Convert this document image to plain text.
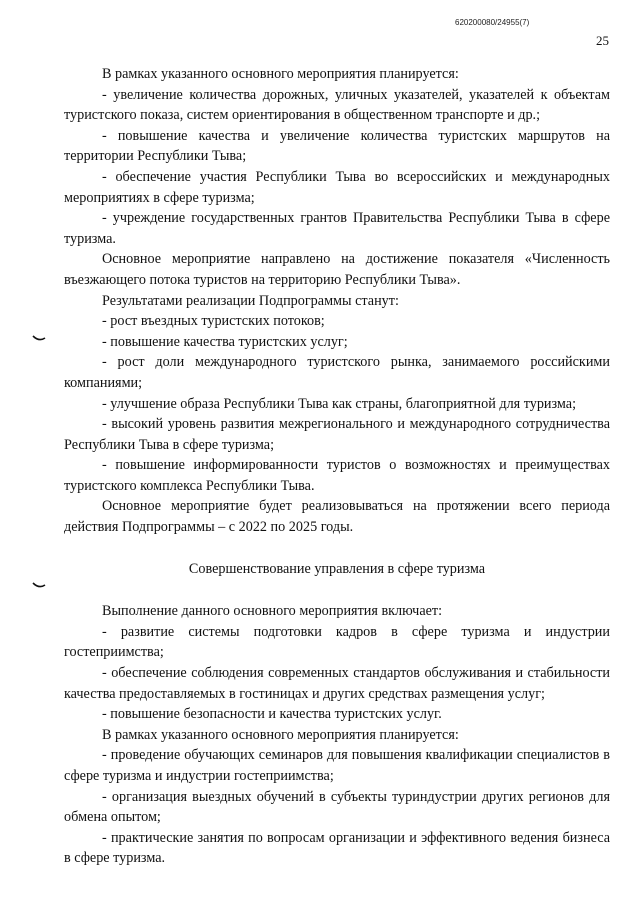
620200080/24955(7)
25

В рамках указанного основного мероприятия планируется:

- увеличение количества дорожных, уличных указателей, указателей к объектам туристского показа, систем ориентирования в общественном транспорте и др.;

- повышение качества и увеличение количества туристских маршрутов на территории Республики Тыва;

- обеспечение участия Республики Тыва во всероссийских и международных мероприятиях в сфере туризма;

- учреждение государственных грантов Правительства Республики Тыва в сфере туризма.

Основное мероприятие направлено на достижение показателя «Численность въезжающего потока туристов на территорию Республики Тыва».

Результатами реализации Подпрограммы станут:

- рост въездных туристских потоков;

- повышение качества туристских услуг;

- рост доли международного туристского рынка, занимаемого российскими компаниями;

- улучшение образа Республики Тыва как страны, благоприятной для туризма;

- высокий уровень развития межрегионального и международного сотрудничества Республики Тыва в сфере туризма;

- повышение информированности туристов о возможностях и преимуществах туристского комплекса Республики Тыва.

Основное мероприятие будет реализовываться на протяжении всего периода действия Подпрограммы – с 2022 по 2025 годы.

Совершенствование управления в сфере туризма

Выполнение данного основного мероприятия включает:

- развитие системы подготовки кадров в сфере туризма и индустрии гостеприимства;

- обеспечение соблюдения современных стандартов обслуживания и стабильности качества предоставляемых в гостиницах и других средствах размещения услуг;

- повышение безопасности и качества туристских услуг.

В рамках указанного основного мероприятия планируется:

- проведение обучающих семинаров для повышения квалификации специалистов в сфере туризма и индустрии гостеприимства;

- организация выездных обучений в субъекты туриндустрии других регионов для обмена опытом;

- практические занятия по вопросам организации и эффективного ведения бизнеса в сфере туризма.
